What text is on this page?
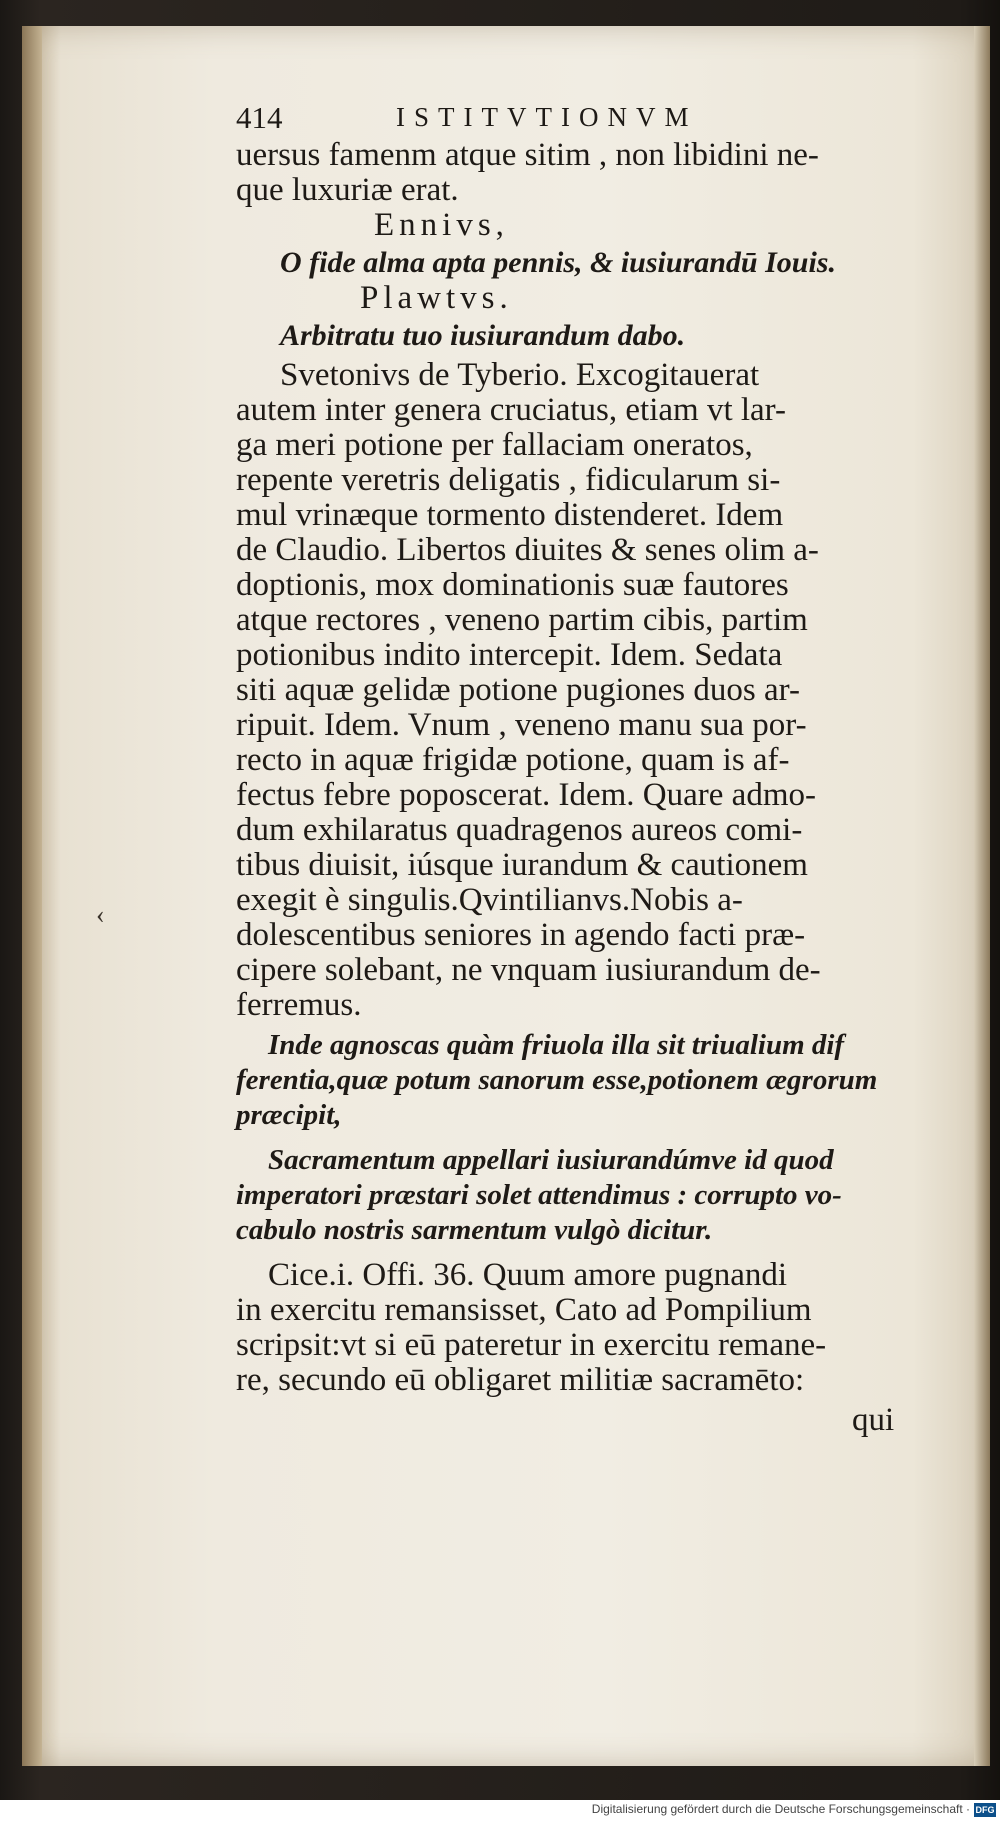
414	ISTITVTIONVM
uersus famenm atque sitim , non libidini ne-
que luxuriæ erat.
Ennivs,
O fide alma apta pennis, & iusiurandū Iouis.
Plawtvs.
Arbitratu tuo iusiurandum dabo.
Svetonivs de Tyberio. Excogitauerat
autem inter genera cruciatus, etiam vt lar-
ga meri potione per fallaciam oneratos,
repente veretris deligatis , fidicularum si-
mul vrinæque tormento distenderet. Idem
de Claudio. Libertos diuites & senes olim a-
doptionis, mox dominationis suæ fautores
atque rectores , veneno partim cibis, partim
potionibus indito intercepit. Idem. Sedata
siti aquæ gelidæ potione pugiones duos ar-
ripuit. Idem. Vnum , veneno manu sua por-
recto in aquæ frigidæ potione, quam is af-
fectus febre poposcerat. Idem. Quare admo-
dum exhilaratus quadragenos aureos comi-
tibus diuisit, iúsque iurandum & cautionem
exegit è singulis.Qvintilianvs.Nobis a-
dolescentibus seniores in agendo facti præ-
cipere solebant, ne vnquam iusiurandum de-
ferremus.
Inde agnoscas quàm friuola illa sit triualium dif
ferentia,quæ potum sanorum esse,potionem ægrorum
præcipit,
Sacramentum appellari iusiurandúmve id quod
imperatori præstari solet attendimus : corrupto vo-
cabulo nostris sarmentum vulgò dicitur.
Cice.i. Offi. 36. Quum amore pugnandi
in exercitu remansisset, Cato ad Pompilium
scripsit:vt si eū pateretur in exercitu remane-
re, secundo eū obligaret militiæ sacramēto:
qui
‹
Digitalisierung gefördert durch die Deutsche Forschungsgemeinschaft · DFG
